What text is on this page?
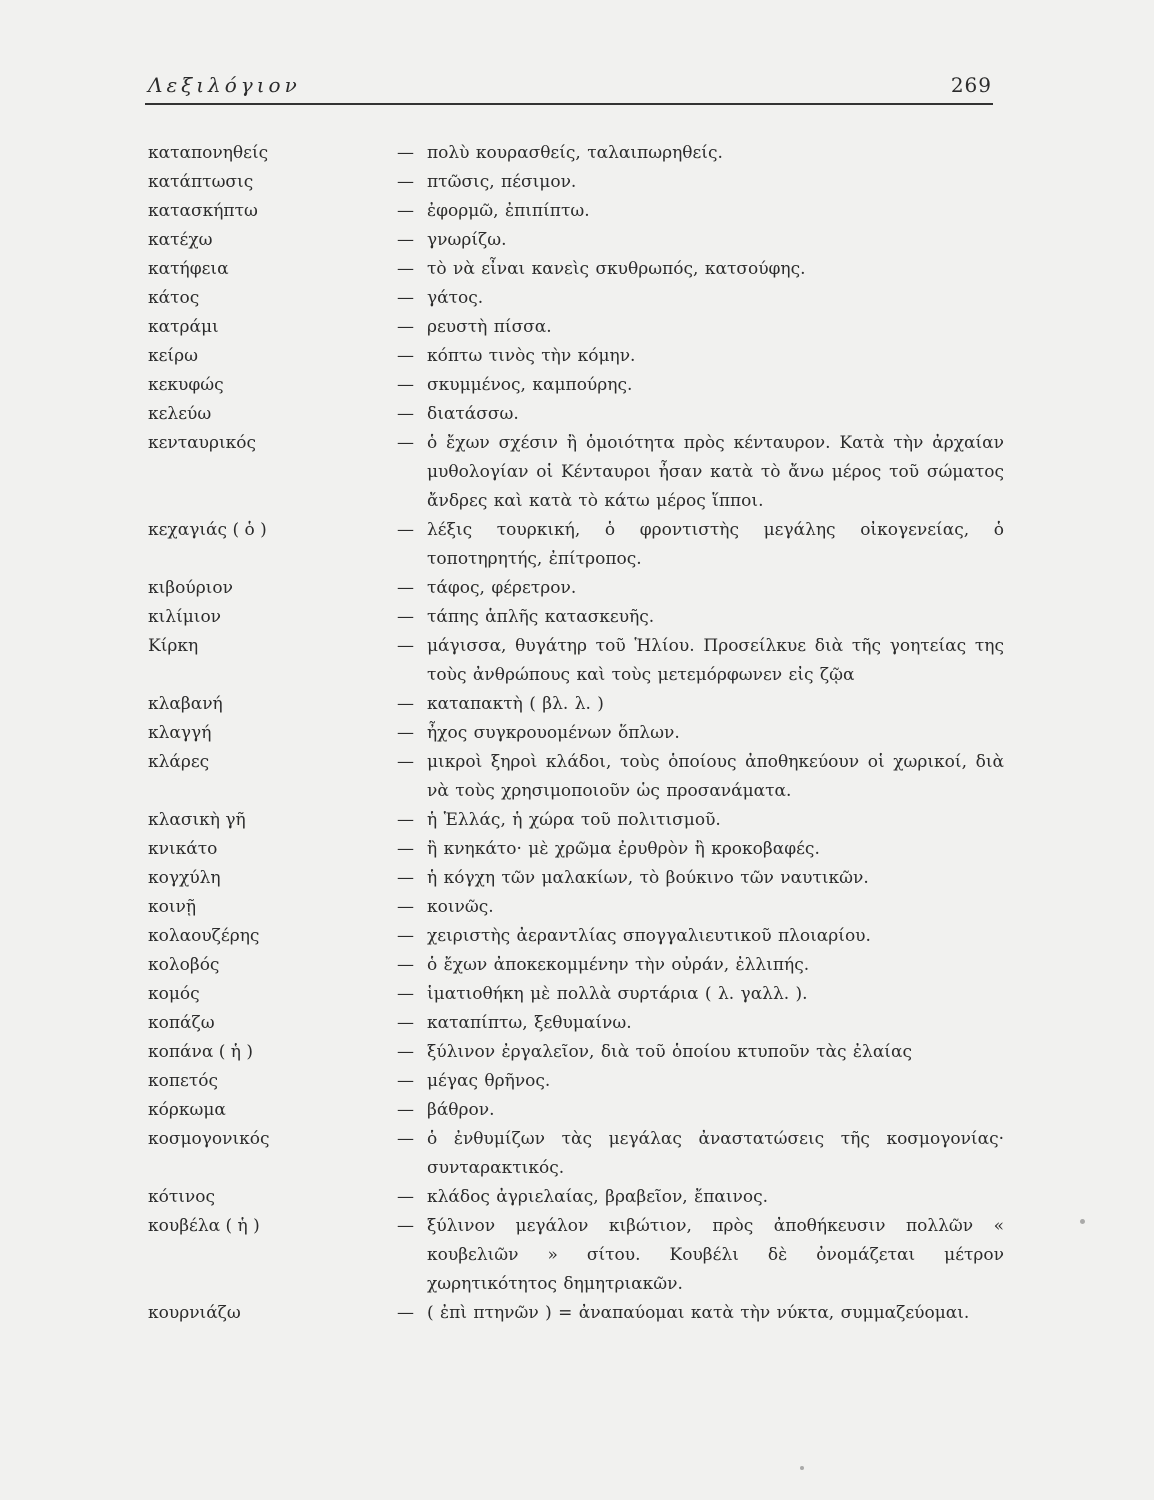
Λεξιλόγιον	269
καταπονηθείς	— πολὺ κουρασθείς, ταλαιπωρηθείς.
κατάπτωσις	— πτῶσις, πέσιμον.
κατασκήπτω	— ἐφορμῶ, ἐπιπίπτω.
κατέχω	— γνωρίζω.
κατήφεια	— τὸ νὰ εἶναι κανεὶς σκυθρωπός, κατσούφης.
κάτος	— γάτος.
κατράμι	— ρευστὴ πίσσα.
κείρω	— κόπτω τινὸς τὴν κόμην.
κεκυφώς	— σκυμμένος, καμπούρης.
κελεύω	— διατάσσω.
κενταυρικός	— ὁ ἔχων σχέσιν ἢ ὁμοιότητα πρὸς κένταυρον. Κατὰ τὴν ἀρχαίαν μυθολογίαν οἱ Κένταυροι ἦσαν κατὰ τὸ ἄνω μέρος τοῦ σώματος ἄνδρες καὶ κατὰ τὸ κάτω μέρος ἵπποι.
κεχαγιάς ( ὁ )	— λέξις τουρκική, ὁ φροντιστὴς μεγάλης οἰκογενείας, ὁ τοποτηρητής, ἐπίτροπος.
κιβούριον	— τάφος, φέρετρον.
κιλίμιον	— τάπης ἁπλῆς κατασκευῆς.
Κίρκη	— μάγισσα, θυγάτηρ τοῦ Ἡλίου. Προσείλκυε διὰ τῆς γοητείας της τοὺς ἀνθρώπους καὶ τοὺς μετεμόρφωνεν εἰς ζῷα
κλαβανή	— καταπακτὴ ( βλ. λ. )
κλαγγή	— ἦχος συγκρουομένων ὅπλων.
κλάρες	— μικροὶ ξηροὶ κλάδοι, τοὺς ὁποίους ἀποθηκεύουν οἱ χωρικοί, διὰ νὰ τοὺς χρησιμοποιοῦν ὡς προσανάματα.
κλασικὴ γῆ	— ἡ Ἑλλάς, ἡ χώρα τοῦ πολιτισμοῦ.
κνικάτο	— ἢ κνηκάτο· μὲ χρῶμα ἐρυθρὸν ἢ κροκοβαφές.
κογχύλη	— ἡ κόγχη τῶν μαλακίων, τὸ βούκινο τῶν ναυτικῶν.
κοινῇ	— κοινῶς.
κολαουζέρης	— χειριστὴς ἀεραντλίας σπογγαλιευτικοῦ πλοιαρίου.
κολοβός	— ὁ ἔχων ἀποκεκομμένην τὴν οὐράν, ἐλλιπής.
κομός	— ἱματιοθήκη μὲ πολλὰ συρτάρια ( λ. γαλλ. ).
κοπάζω	— καταπίπτω, ξεθυμαίνω.
κοπάνα ( ἡ )	— ξύλινον ἐργαλεῖον, διὰ τοῦ ὁποίου κτυποῦν τὰς ἐλαίας
κοπετός	— μέγας θρῆνος.
κόρκωμα	— βάθρον.
κοσμογονικός	— ὁ ἐνθυμίζων τὰς μεγάλας ἀναστατώσεις τῆς κοσμογονίας· συνταρακτικός.
κότινος	— κλάδος ἀγριελαίας, βραβεῖον, ἔπαινος.
κουβέλα ( ἡ )	— ξύλινον μεγάλον κιβώτιον, πρὸς ἀποθήκευσιν πολλῶν « κουβελιῶν » σίτου. Κουβέλι δὲ ὀνομάζεται μέτρον χωρητικότητος δημητριακῶν.
κουρνιάζω	— ( ἐπὶ πτηνῶν ) = ἀναπαύομαι κατὰ τὴν νύκτα, συμμαζεύομαι.
